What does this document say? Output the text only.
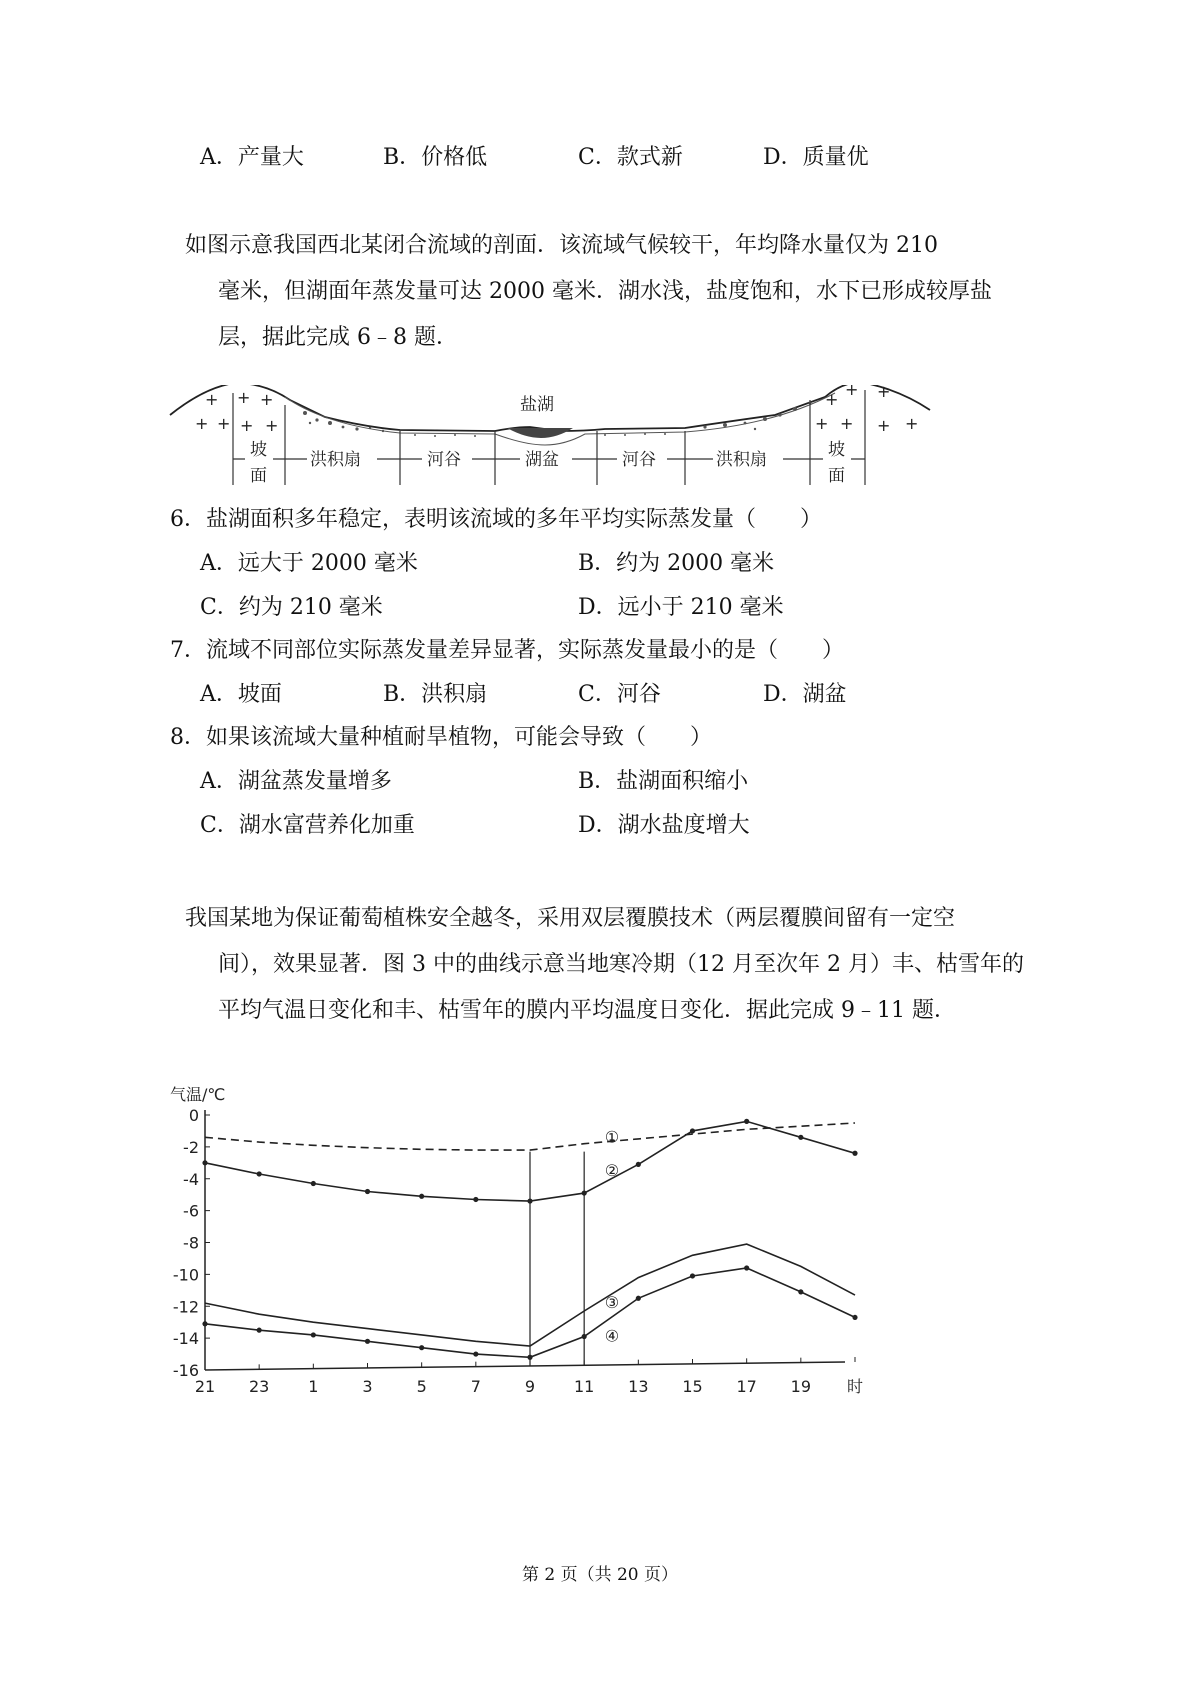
A．产量大	B．价格低	C．款式新	D．质量优
如图示意我国西北某闭合流域的剖面．该流域气候较干，年均降水量仅为 210
毫米，但湖面年蒸发量可达 2000 毫米．湖水浅，盐度饱和，水下已形成较厚盐层，据此完成 6﹣8 题．
+ + +
+ + + +
+
+ +
+ + + +
盐湖
坡
面
洪积扇	河谷	湖盆	河谷	洪积扇	坡
面
6．盐湖面积多年稳定，表明该流域的多年平均实际蒸发量（　　）
A．远大于 2000 毫米	B．约为 2000 毫米
C．约为 210 毫米	D．远小于 210 毫米
7．流域不同部位实际蒸发量差异显著，实际蒸发量最小的是（　　）
A．坡面	B．洪积扇	C．河谷	D．湖盆
8．如果该流域大量种植耐旱植物，可能会导致（　　）
A．湖盆蒸发量增多	B．盐湖面积缩小
C．湖水富营养化加重	D．湖水盐度增大
我国某地为保证葡萄植株安全越冬，采用双层覆膜技术（两层覆膜间留有一定空
间），效果显著．图 3 中的曲线示意当地寒冷期（12 月至次年 2 月）丰、枯雪年的平均气温日变化和丰、枯雪年的膜内平均温度日变化．据此完成 9﹣11 题．
气温/℃
0
-2
-4
-6
-8
-10
-12
-14
-16
21 23 1	3	5	7	9 11 13 15 17 19 时
①
②
③
④
第 2 页（共 20 页）
